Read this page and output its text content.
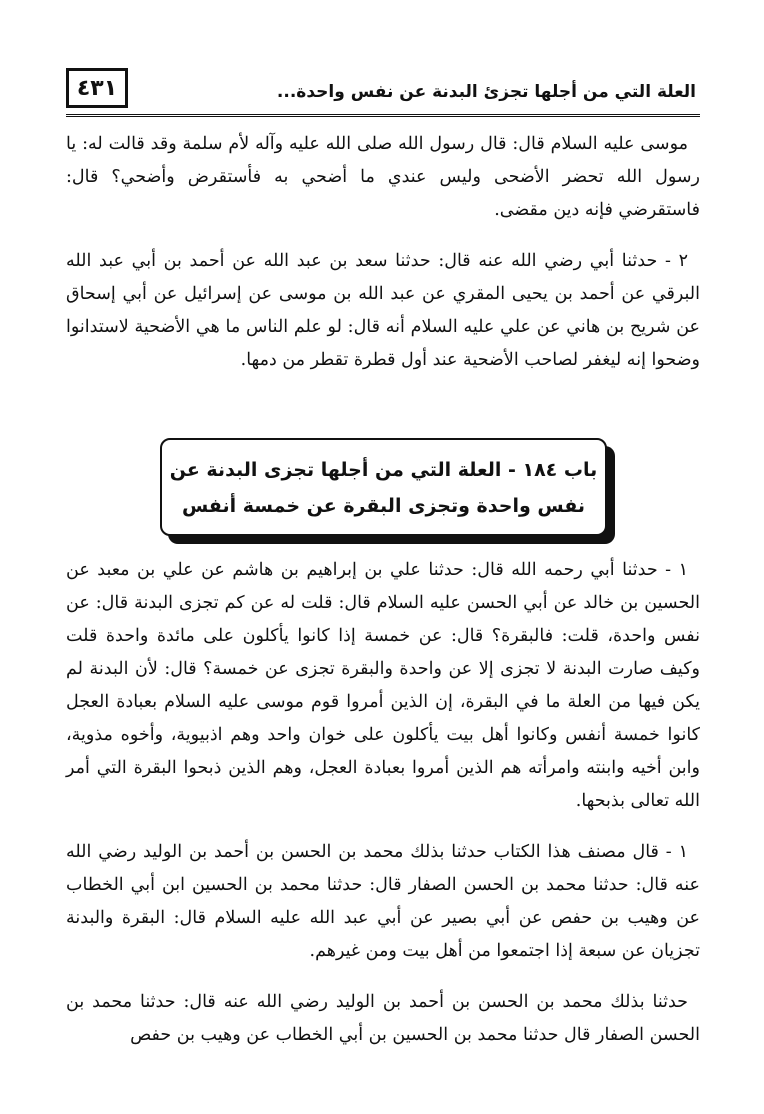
العلة التي من أجلها تجزئ البدنة عن نفس واحدة...
٤٣١

موسى عليه السلام قال: قال رسول الله صلى الله عليه وآله لأم سلمة وقد قالت له: يا رسول الله تحضر الأضحى وليس عندي ما أضحي به فأستقرض وأضحي؟ قال: فاستقرضي فإنه دين مقضى.

٢ - حدثنا أبي رضي الله عنه قال: حدثنا سعد بن عبد الله عن أحمد بن أبي عبد الله البرقي عن أحمد بن يحيى المقري عن عبد الله بن موسى عن إسرائيل عن أبي إسحاق عن شريح بن هاني عن علي عليه السلام أنه قال: لو علم الناس ما هي الأضحية لاستدانوا وضحوا إنه ليغفر لصاحب الأضحية عند أول قطرة تقطر من دمها.

باب ١٨٤ - العلة التي من أجلها تجزى البدنة عن
نفس واحدة وتجزى البقرة عن خمسة أنفس

١ - حدثنا أبي رحمه الله قال: حدثنا علي بن إبراهيم بن هاشم عن علي بن معبد عن الحسين بن خالد عن أبي الحسن عليه السلام قال: قلت له عن كم تجزى البدنة قال: عن نفس واحدة، قلت: فالبقرة؟ قال: عن خمسة إذا كانوا يأكلون على مائدة واحدة قلت وكيف صارت البدنة لا تجزى إلا عن واحدة والبقرة تجزى عن خمسة؟ قال: لأن البدنة لم يكن فيها من العلة ما في البقرة، إن الذين أمروا قوم موسى عليه السلام بعبادة العجل كانوا خمسة أنفس وكانوا أهل بيت يأكلون على خوان واحد وهم اذبيوية، وأخوه مذوية، وابن أخيه وابنته وامرأته هم الذين أمروا بعبادة العجل، وهم الذين ذبحوا البقرة التي أمر الله تعالى بذبحها.

١ - قال مصنف هذا الكتاب حدثنا بذلك محمد بن الحسن بن أحمد بن الوليد رضي الله عنه قال: حدثنا محمد بن الحسن الصفار قال: حدثنا محمد بن الحسين ابن أبي الخطاب عن وهيب بن حفص عن أبي بصير عن أبي عبد الله عليه السلام قال: البقرة والبدنة تجزيان عن سبعة إذا اجتمعوا من أهل بيت ومن غيرهم.

حدثنا بذلك محمد بن الحسن بن أحمد بن الوليد رضي الله عنه قال: حدثنا محمد بن الحسن الصفار قال حدثنا محمد بن الحسين بن أبي الخطاب عن وهيب بن حفص
